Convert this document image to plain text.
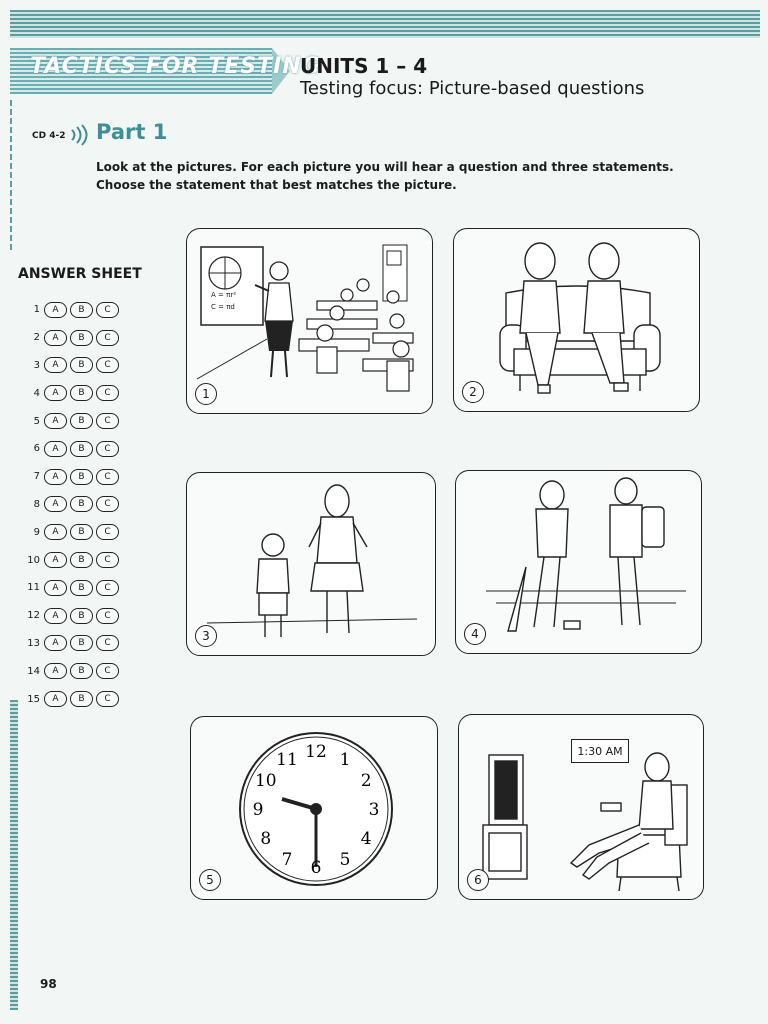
TACTICS FOR TESTING
UNITS 1 – 4
Testing focus: Picture-based questions
CD 4-2 Part 1
Look at the pictures. For each picture you will hear a question and three statements. Choose the statement that best matches the picture.
ANSWER SHEET
1	A	B	C
2	A	B	C
3	A	B	C
4	A	B	C
5	A	B	C
6	A	B	C
7	A	B	C
8	A	B	C
9	A	B	C
10	A	B	C
11	A	B	C
12	A	B	C
13	A	B	C
14	A	B	C
15	A	B	C
A = πr²
C = πd
1	2
3	4
12 1
2
3
4
5
6
7
8
9
10
11
5
1:30 AM
6
98
